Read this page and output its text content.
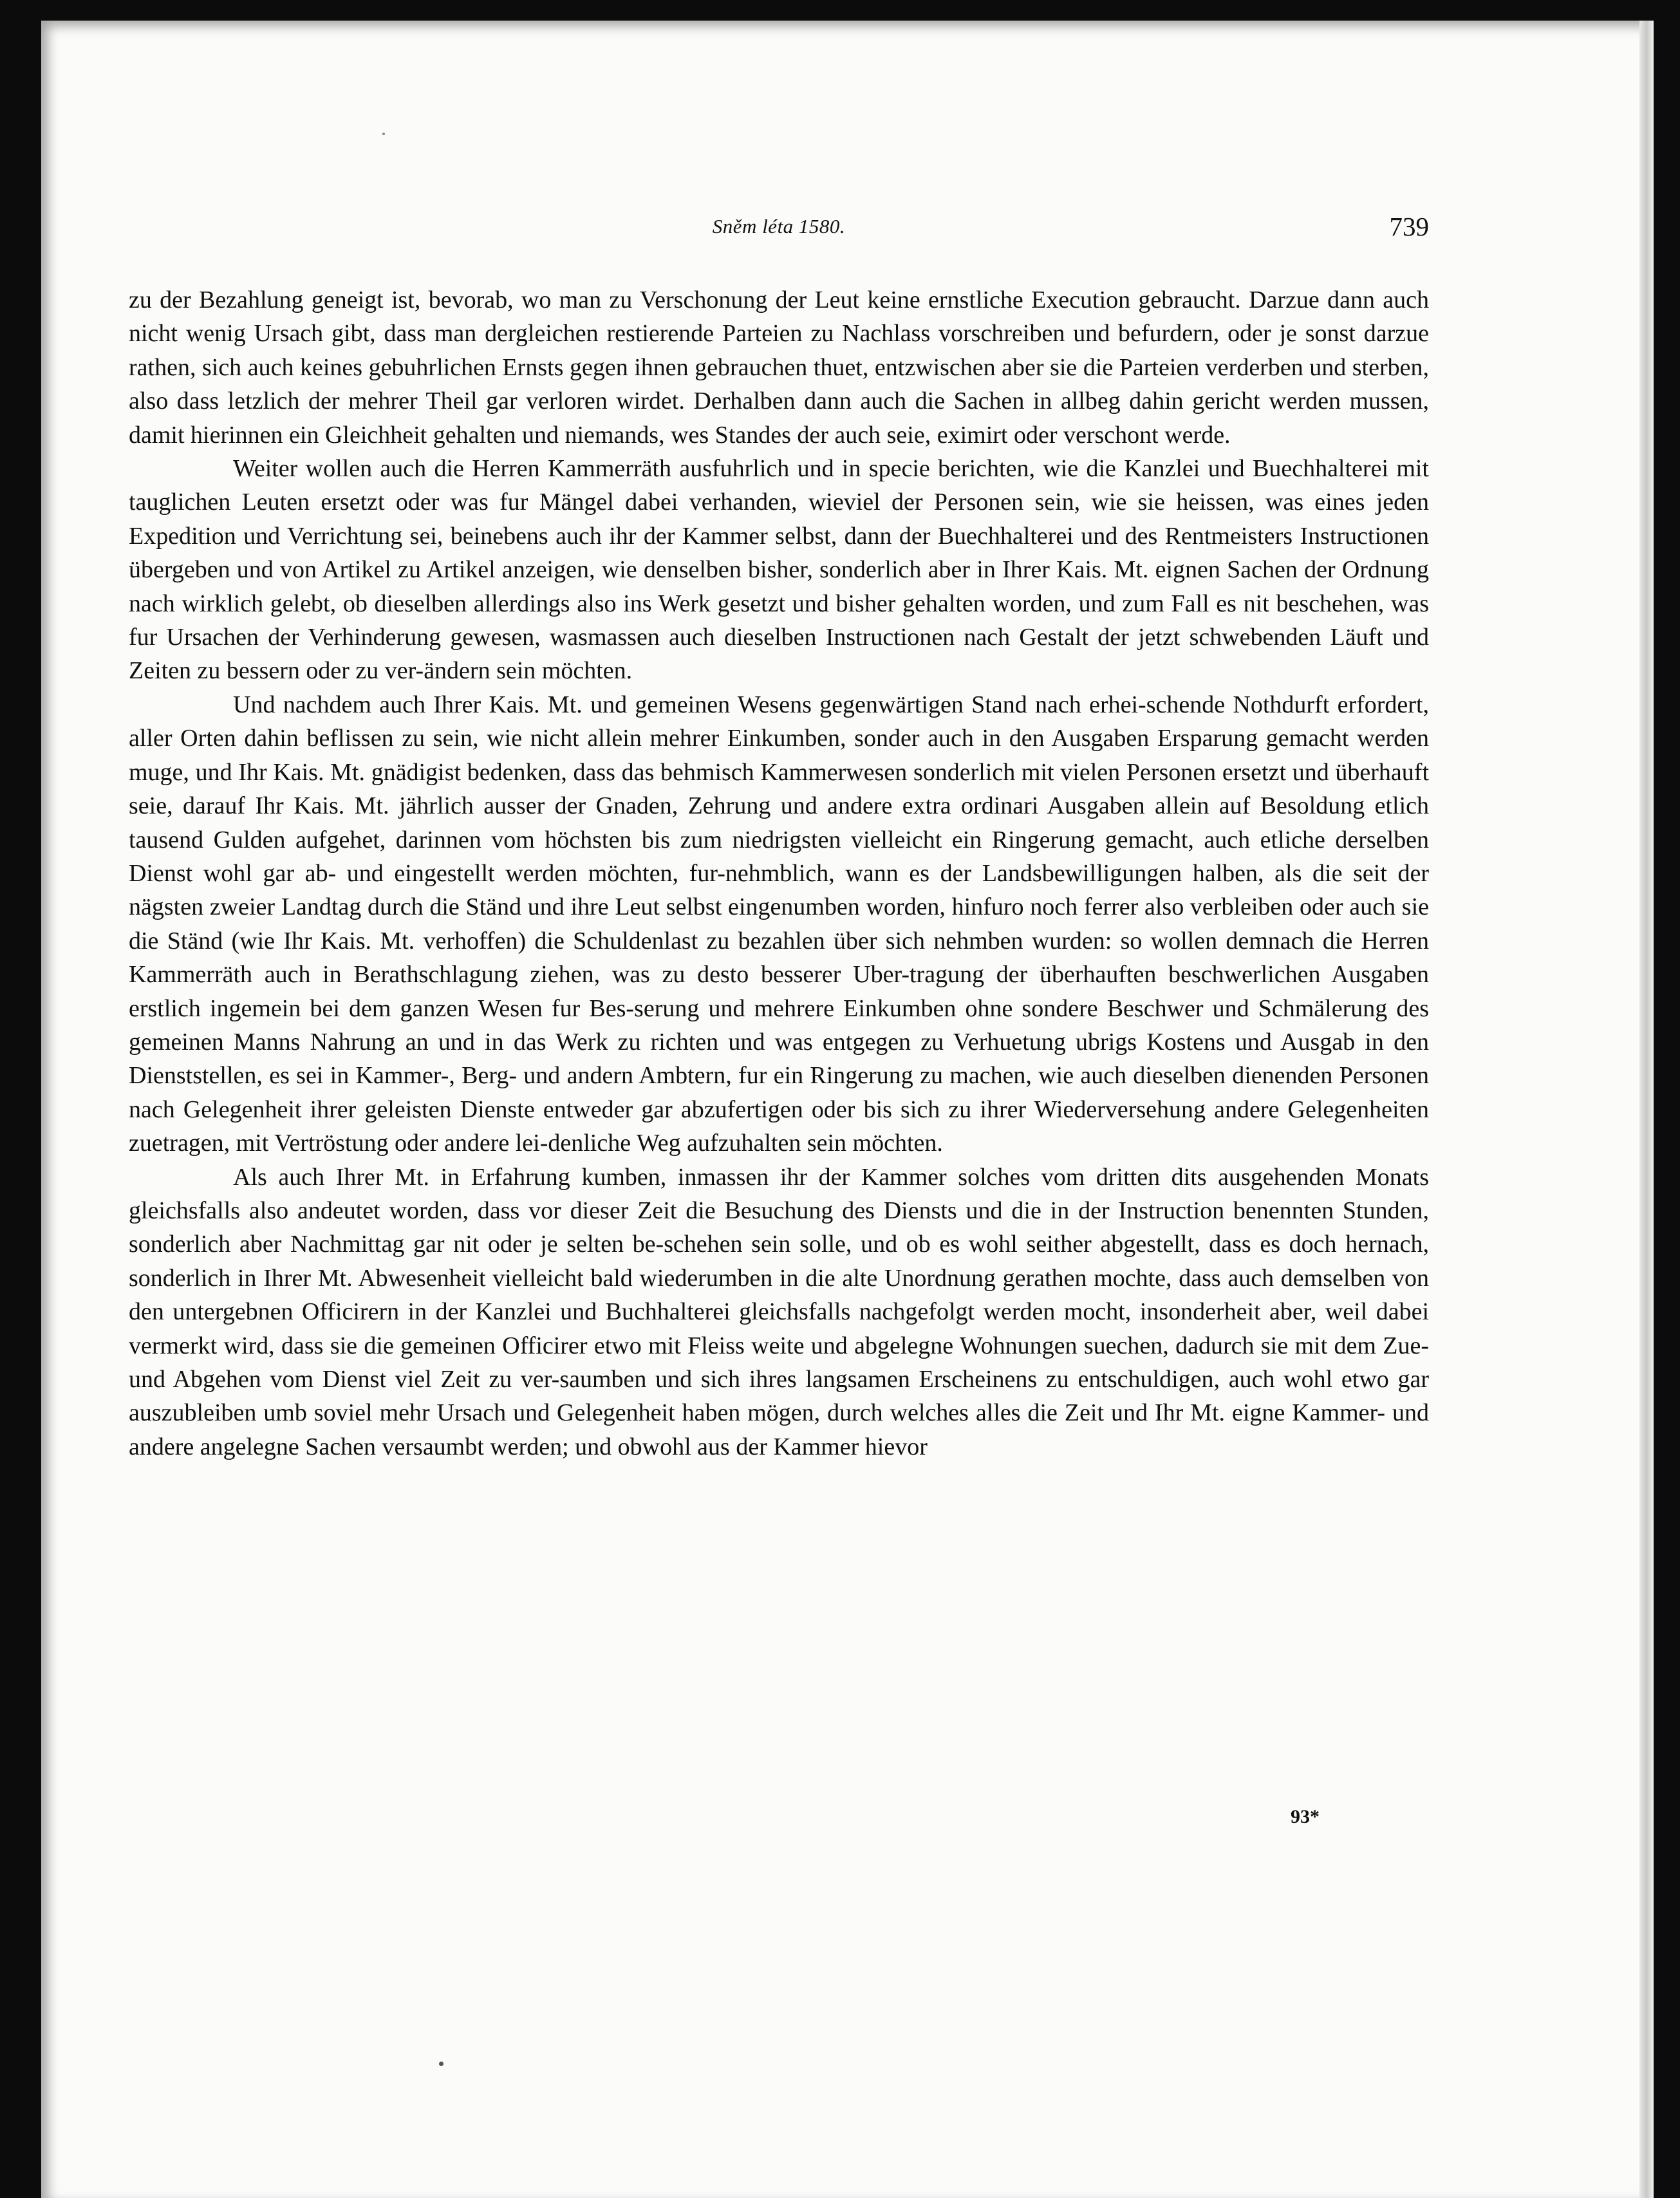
Sněm léta 1580.	739

zu der Bezahlung geneigt ist, bevorab, wo man zu Verschonung der Leut keine ernstliche Execution gebraucht. Darzue dann auch nicht wenig Ursach gibt, dass man dergleichen restierende Parteien zu Nachlass vorschreiben und befurdern, oder je sonst darzue rathen, sich auch keines gebuhrlichen Ernsts gegen ihnen gebrauchen thuet, entzwischen aber sie die Parteien verderben und sterben, also dass letzlich der mehrer Theil gar verloren wirdet. Derhalben dann auch die Sachen in allbeg dahin gericht werden mussen, damit hierinnen ein Gleichheit gehalten und niemands, wes Standes der auch seie, eximirt oder verschont werde.

Weiter wollen auch die Herren Kammerräth ausfuhrlich und in specie berichten, wie die Kanzlei und Buechhalterei mit tauglichen Leuten ersetzt oder was fur Mängel dabei verhanden, wieviel der Personen sein, wie sie heissen, was eines jeden Expedition und Verrichtung sei, beinebens auch ihr der Kammer selbst, dann der Buechhalterei und des Rentmeisters Instructionen übergeben und von Artikel zu Artikel anzeigen, wie denselben bisher, sonderlich aber in Ihrer Kais. Mt. eignen Sachen der Ordnung nach wirklich gelebt, ob dieselben allerdings also ins Werk gesetzt und bisher gehalten worden, und zum Fall es nit beschehen, was fur Ursachen der Verhinderung gewesen, wasmassen auch dieselben Instructionen nach Gestalt der jetzt schwebenden Läuft und Zeiten zu bessern oder zu ver-ändern sein möchten.

Und nachdem auch Ihrer Kais. Mt. und gemeinen Wesens gegenwärtigen Stand nach erhei-schende Nothdurft erfordert, aller Orten dahin beflissen zu sein, wie nicht allein mehrer Einkumben, sonder auch in den Ausgaben Ersparung gemacht werden muge, und Ihr Kais. Mt. gnädigist bedenken, dass das behmisch Kammerwesen sonderlich mit vielen Personen ersetzt und überhauft seie, darauf Ihr Kais. Mt. jährlich ausser der Gnaden, Zehrung und andere extra ordinari Ausgaben allein auf Besoldung etlich tausend Gulden aufgehet, darinnen vom höchsten bis zum niedrigsten vielleicht ein Ringerung gemacht, auch etliche derselben Dienst wohl gar ab- und eingestellt werden möchten, fur-nehmblich, wann es der Landsbewilligungen halben, als die seit der nägsten zweier Landtag durch die Ständ und ihre Leut selbst eingenumben worden, hinfuro noch ferrer also verbleiben oder auch sie die Ständ (wie Ihr Kais. Mt. verhoffen) die Schuldenlast zu bezahlen über sich nehmben wurden: so wollen demnach die Herren Kammerräth auch in Berathschlagung ziehen, was zu desto besserer Uber-tragung der überhauften beschwerlichen Ausgaben erstlich ingemein bei dem ganzen Wesen fur Bes-serung und mehrere Einkumben ohne sondere Beschwer und Schmälerung des gemeinen Manns Nahrung an und in das Werk zu richten und was entgegen zu Verhuetung ubrigs Kostens und Ausgab in den Dienststellen, es sei in Kammer-, Berg- und andern Ambtern, fur ein Ringerung zu machen, wie auch dieselben dienenden Personen nach Gelegenheit ihrer geleisten Dienste entweder gar abzufertigen oder bis sich zu ihrer Wiederversehung andere Gelegenheiten zuetragen, mit Vertröstung oder andere lei-denliche Weg aufzuhalten sein möchten.

Als auch Ihrer Mt. in Erfahrung kumben, inmassen ihr der Kammer solches vom dritten dits ausgehenden Monats gleichsfalls also andeutet worden, dass vor dieser Zeit die Besuchung des Diensts und die in der Instruction benennten Stunden, sonderlich aber Nachmittag gar nit oder je selten be-schehen sein solle, und ob es wohl seither abgestellt, dass es doch hernach, sonderlich in Ihrer Mt. Abwesenheit vielleicht bald wiederumben in die alte Unordnung gerathen mochte, dass auch demselben von den untergebnen Officirern in der Kanzlei und Buchhalterei gleichsfalls nachgefolgt werden mocht, insonderheit aber, weil dabei vermerkt wird, dass sie die gemeinen Officirer etwo mit Fleiss weite und abgelegne Wohnungen suechen, dadurch sie mit dem Zue- und Abgehen vom Dienst viel Zeit zu ver-saumben und sich ihres langsamen Erscheinens zu entschuldigen, auch wohl etwo gar auszubleiben umb soviel mehr Ursach und Gelegenheit haben mögen, durch welches alles die Zeit und Ihr Mt. eigne Kammer- und andere angelegne Sachen versaumbt werden; und obwohl aus der Kammer hievor

93*
